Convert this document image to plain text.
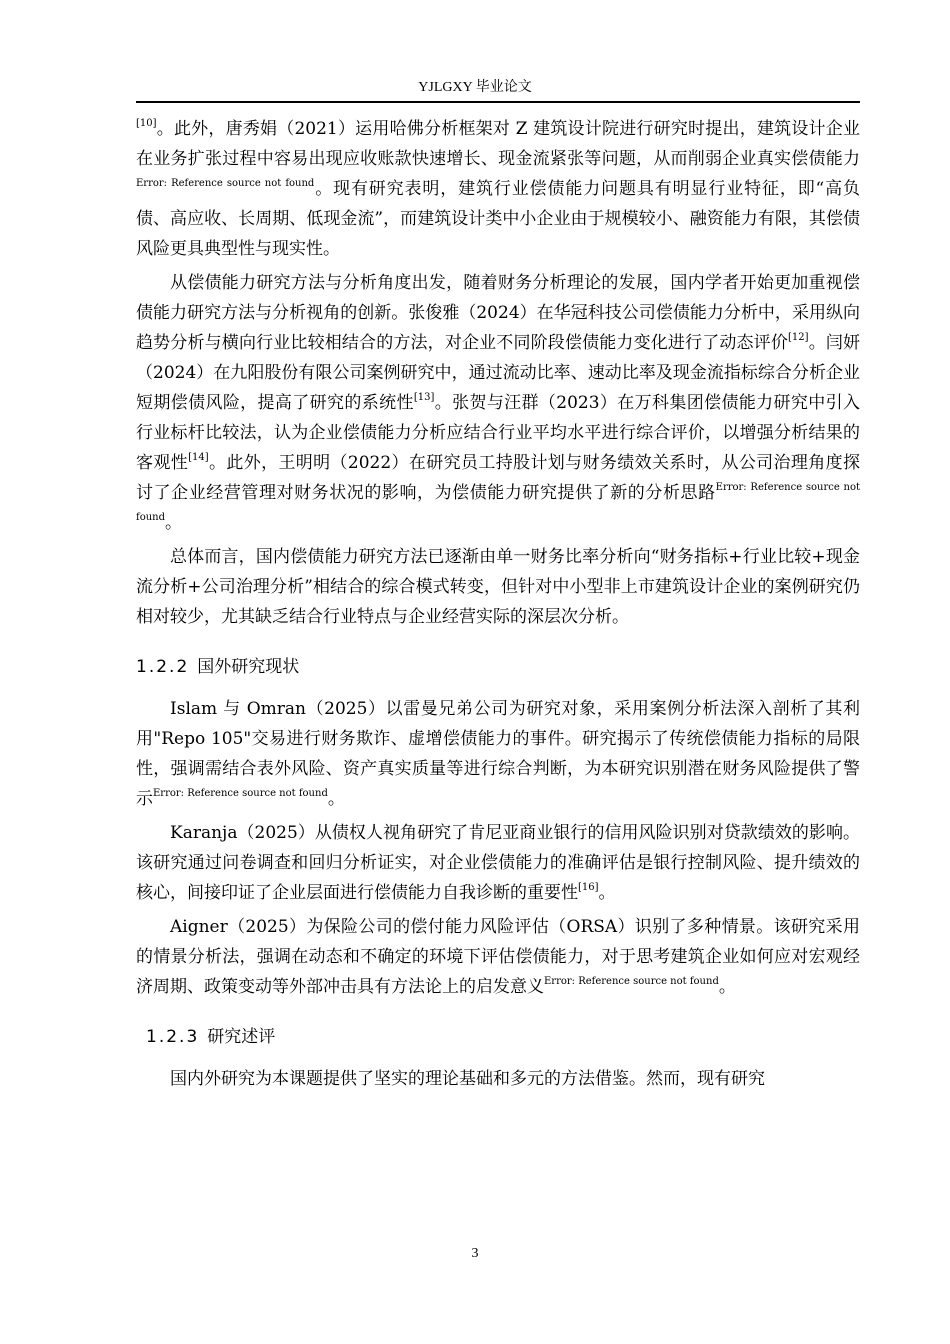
YJLGXY 毕业论文

[10]。此外，唐秀娟（2021）运用哈佛分析框架对 Z 建筑设计院进行研究时提出，建筑设计企业在业务扩张过程中容易出现应收账款快速增长、现金流紧张等问题，从而削弱企业真实偿债能力$^{Error: Reference source not found}$。现有研究表明，建筑行业偿债能力问题具有明显行业特征，即“高负债、高应收、长周期、低现金流”，而建筑设计类中小企业由于规模较小、融资能力有限，其偿债风险更具典型性与现实性。

从偿债能力研究方法与分析角度出发，随着财务分析理论的发展，国内学者开始更加重视偿债能力研究方法与分析视角的创新。张俊雅（2024）在华冠科技公司偿债能力分析中，采用纵向趋势分析与横向行业比较相结合的方法，对企业不同阶段偿债能力变化进行了动态评价[12]。闫妍（2024）在九阳股份有限公司案例研究中，通过流动比率、速动比率及现金流指标综合分析企业短期偿债风险，提高了研究的系统性[13]。张贺与汪群（2023）在万科集团偿债能力研究中引入行业标杆比较法，认为企业偿债能力分析应结合行业平均水平进行综合评价，以增强分析结果的客观性[14]。此外，王明明（2022）在研究员工持股计划与财务绩效关系时，从公司治理角度探讨了企业经营管理对财务状况的影响，为偿债能力研究提供了新的分析思路$^{Error: Reference source not found}$。

总体而言，国内偿债能力研究方法已逐渐由单一财务比率分析向“财务指标+行业比较+现金流分析+公司治理分析”相结合的综合模式转变，但针对中小型非上市建筑设计企业的案例研究仍相对较少，尤其缺乏结合行业特点与企业经营实际的深层次分析。

1.2.2 国外研究现状

Islam 与 Omran（2025）以雷曼兄弟公司为研究对象，采用案例分析法深入剖析了其利用"Repo 105"交易进行财务欺诈、虚增偿债能力的事件。研究揭示了传统偿债能力指标的局限性，强调需结合表外风险、资产真实质量等进行综合判断，为本研究识别潜在财务风险提供了警示$^{Error: Reference source not found}$。

Karanja（2025）从债权人视角研究了肯尼亚商业银行的信用风险识别对贷款绩效的影响。该研究通过问卷调查和回归分析证实，对企业偿债能力的准确评估是银行控制风险、提升绩效的核心，间接印证了企业层面进行偿债能力自我诊断的重要性[16]。

Aigner（2025）为保险公司的偿付能力风险评估（ORSA）识别了多种情景。该研究采用的情景分析法，强调在动态和不确定的环境下评估偿债能力，对于思考建筑企业如何应对宏观经济周期、政策变动等外部冲击具有方法论上的启发意义$^{Error: Reference source not found}$。

1.2.3 研究述评

国内外研究为本课题提供了坚实的理论基础和多元的方法借鉴。然而，现有研究

3
